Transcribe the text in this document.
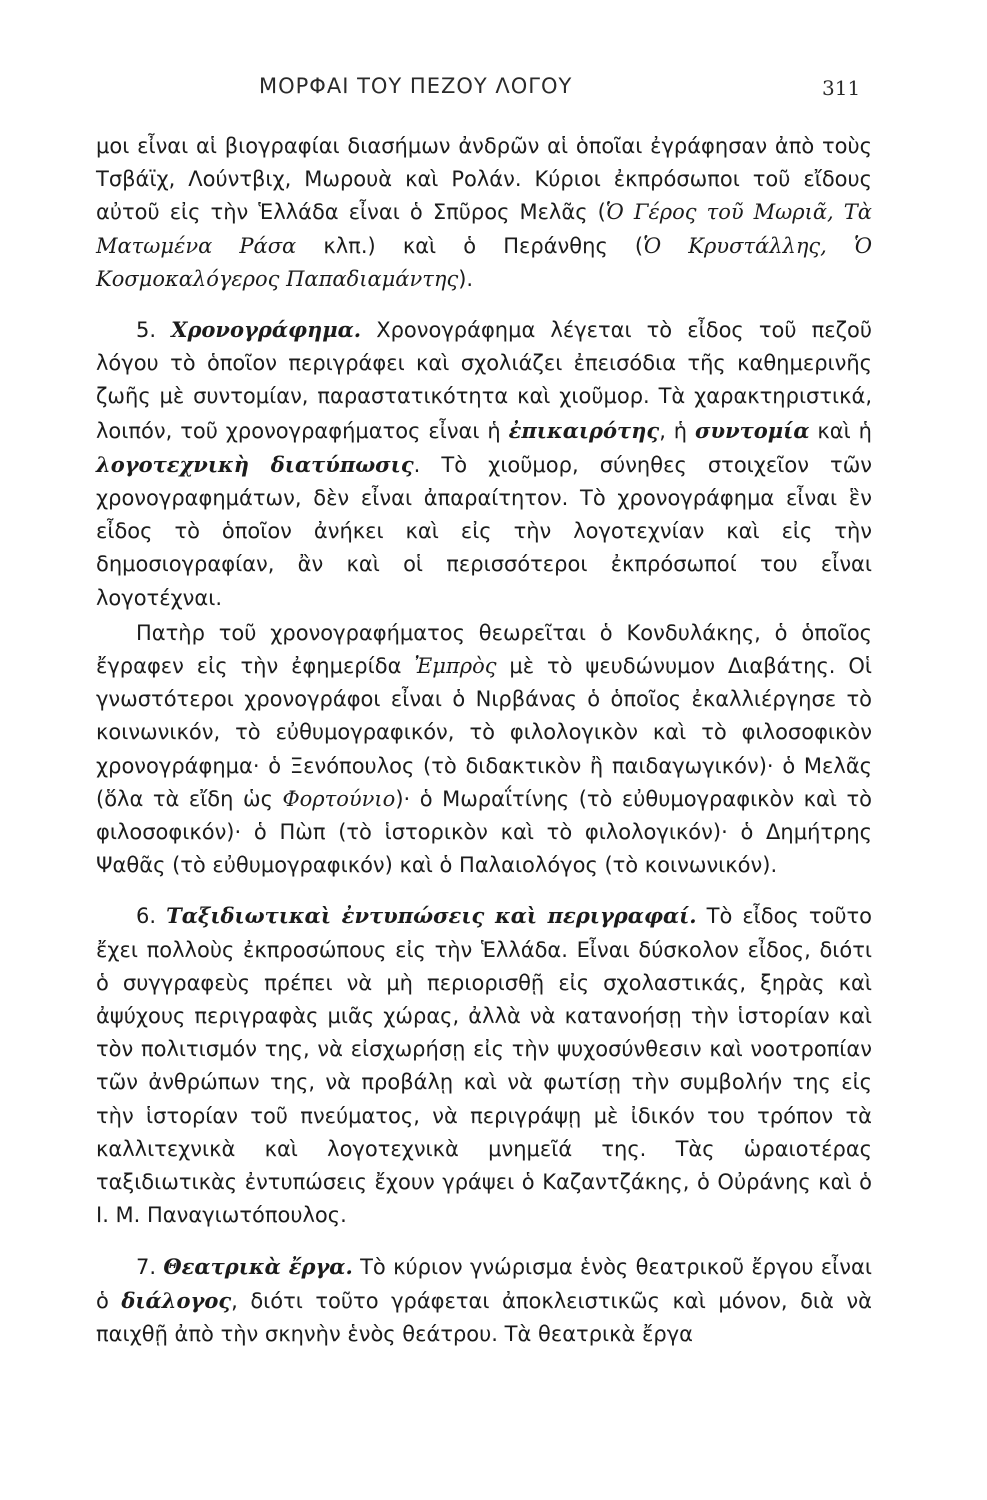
ΜΟΡΦΑΙ ΤΟΥ ΠΕΖΟΥ ΛΟΓΟΥ	311

μοι εἶναι αἱ βιογραφίαι διασήμων ἀνδρῶν αἱ ὁποῖαι ἐγράφησαν ἀπὸ τοὺς Τσβάϊχ, Λούντβιχ, Μωρουὰ καὶ Ρολάν. Κύριοι ἐκπρόσωποι τοῦ εἴδους αὐτοῦ εἰς τὴν Ἑλλάδα εἶναι ὁ Σπῦρος Μελᾶς (Ὁ Γέρος τοῦ Μωριᾶ, Τὰ Ματωμένα Ράσα κλπ.) καὶ ὁ Περάνθης (Ὁ Κρυστάλλης, Ὁ Κοσμοκαλόγερος Παπαδιαμάντης).

5. Χρονογράφημα. Χρονογράφημα λέγεται τὸ εἶδος τοῦ πεζοῦ λόγου τὸ ὁποῖον περιγράφει καὶ σχολιάζει ἐπεισόδια τῆς καθημερινῆς ζωῆς μὲ συντομίαν, παραστατικότητα καὶ χιοῦμορ. Τὰ χαρακτηριστικά, λοιπόν, τοῦ χρονογραφήματος εἶναι ἡ ἐπικαιρότης, ἡ συντομία καὶ ἡ λογοτεχνικὴ διατύπωσις. Τὸ χιοῦμορ, σύνηθες στοιχεῖον τῶν χρονογραφημάτων, δὲν εἶναι ἀπαραίτητον. Τὸ χρονογράφημα εἶναι ἓν εἶδος τὸ ὁποῖον ἀνήκει καὶ εἰς τὴν λογοτεχνίαν καὶ εἰς τὴν δημοσιογραφίαν, ἂν καὶ οἱ περισσότεροι ἐκπρόσωποί του εἶναι λογοτέχναι.

Πατὴρ τοῦ χρονογραφήματος θεωρεῖται ὁ Κονδυλάκης, ὁ ὁποῖος ἔγραφεν εἰς τὴν ἐφημερίδα Ἐμπρὸς μὲ τὸ ψευδώνυμον Διαβάτης. Οἱ γνωστότεροι χρονογράφοι εἶναι ὁ Νιρβάνας ὁ ὁποῖος ἐκαλλιέργησε τὸ κοινωνικόν, τὸ εὐθυμογραφικόν, τὸ φιλολογικὸν καὶ τὸ φιλοσοφικὸν χρονογράφημα· ὁ Ξενόπουλος (τὸ διδακτικὸν ἢ παιδαγωγικόν)· ὁ Μελᾶς (ὅλα τὰ εἴδη ὡς Φορτούνιο)· ὁ Μωραΐτίνης (τὸ εὐθυμογραφικὸν καὶ τὸ φιλοσοφικόν)· ὁ Πὼπ (τὸ ἱστορικὸν καὶ τὸ φιλολογικόν)· ὁ Δημήτρης Ψαθᾶς (τὸ εὐθυμογραφικόν) καὶ ὁ Παλαιολόγος (τὸ κοινωνικόν).

6. Ταξιδιωτικαὶ ἐντυπώσεις καὶ περιγραφαί. Τὸ εἶδος τοῦτο ἔχει πολλοὺς ἐκπροσώπους εἰς τὴν Ἑλλάδα. Εἶναι δύσκολον εἶδος, διότι ὁ συγγραφεὺς πρέπει νὰ μὴ περιορισθῇ εἰς σχολαστικάς, ξηρὰς καὶ ἀψύχους περιγραφὰς μιᾶς χώρας, ἀλλὰ νὰ κατανοήσῃ τὴν ἱστορίαν καὶ τὸν πολιτισμόν της, νὰ εἰσχωρήσῃ εἰς τὴν ψυχοσύνθεσιν καὶ νοοτροπίαν τῶν ἀνθρώπων της, νὰ προβάλῃ καὶ νὰ φωτίσῃ τὴν συμβολήν της εἰς τὴν ἱστορίαν τοῦ πνεύματος, νὰ περιγράψῃ μὲ ἰδικόν του τρόπον τὰ καλλιτεχνικὰ καὶ λογοτεχνικὰ μνημεῖά της. Τὰς ὡραιοτέρας ταξιδιωτικὰς ἐντυπώσεις ἔχουν γράψει ὁ Καζαντζάκης, ὁ Οὐράνης καὶ ὁ Ι. Μ. Παναγιωτόπουλος.

7. Θεατρικὰ ἔργα. Τὸ κύριον γνώρισμα ἑνὸς θεατρικοῦ ἔργου εἶναι ὁ διάλογος, διότι τοῦτο γράφεται ἀποκλειστικῶς καὶ μόνον, διὰ νὰ παιχθῇ ἀπὸ τὴν σκηνὴν ἑνὸς θεάτρου. Τὰ θεατρικὰ ἔργα
